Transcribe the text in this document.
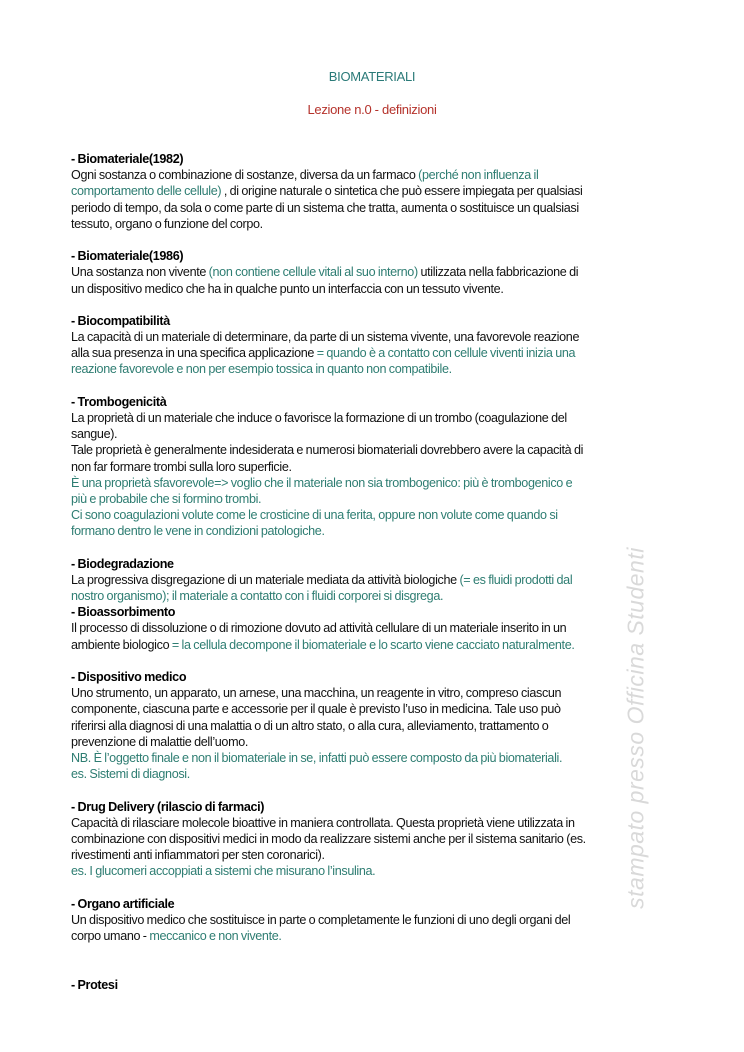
BIOMATERIALI
Lezione n.0 - definizioni
- Biomateriale(1982)
Ogni sostanza o combinazione di sostanze, diversa da un farmaco (perché non influenza il
comportamento delle cellule) , di origine naturale o sintetica che può essere impiegata per qualsiasi
periodo di tempo, da sola o come parte di un sistema che tratta, aumenta o sostituisce un qualsiasi
tessuto, organo o funzione del corpo.
- Biomateriale(1986)
Una sostanza non vivente (non contiene cellule vitali al suo interno) utilizzata nella fabbricazione di
un dispositivo medico che ha in qualche punto un interfaccia con un tessuto vivente.
- Biocompatibilità
La capacità di un materiale di determinare, da parte di un sistema vivente, una favorevole reazione
alla sua presenza in una specifica applicazione = quando è a contatto con cellule viventi inizia una
reazione favorevole e non per esempio tossica in quanto non compatibile.
- Trombogenicità
La proprietà di un materiale che induce o favorisce la formazione di un trombo (coagulazione del
sangue).
Tale proprietà è generalmente indesiderata e numerosi biomateriali dovrebbero avere la capacità di
non far formare trombi sulla loro superficie.
È una proprietà sfavorevole=> voglio che il materiale non sia trombogenico: più è trombogenico e
più e probabile che si formino trombi.
Ci sono coagulazioni volute come le crosticine di una ferita, oppure non volute come quando si
formano dentro le vene in condizioni patologiche.
- Biodegradazione
La progressiva disgregazione di un materiale mediata da attività biologiche (= es fluidi prodotti dal
nostro organismo); il materiale a contatto con i fluidi corporei si disgrega.
- Bioassorbimento
Il processo di dissoluzione o di rimozione dovuto ad attività cellulare di un materiale inserito in un
ambiente biologico = la cellula decompone il biomateriale e lo scarto viene cacciato naturalmente.
- Dispositivo medico
Uno strumento, un apparato, un arnese, una macchina, un reagente in vitro, compreso ciascun
componente, ciascuna parte e accessorie per il quale è previsto l’uso in medicina. Tale uso può
riferirsi alla diagnosi di una malattia o di un altro stato, o alla cura, alleviamento, trattamento o
prevenzione di malattie dell’uomo.
NB. È l’oggetto finale e non il biomateriale in se, infatti può essere composto da più biomateriali.
es. Sistemi di diagnosi.
- Drug Delivery (rilascio di farmaci)
Capacità di rilasciare molecole bioattive in maniera controllata. Questa proprietà viene utilizzata in
combinazione con dispositivi medici in modo da realizzare sistemi anche per il sistema sanitario (es.
rivestimenti anti infiammatori per sten coronarici).
es. I glucomeri accoppiati a sistemi che misurano l’insulina.
- Organo artificiale
Un dispositivo medico che sostituisce in parte o completamente le funzioni di uno degli organi del
corpo umano - meccanico e non vivente.
- Protesi
stampato presso Officina Studenti
